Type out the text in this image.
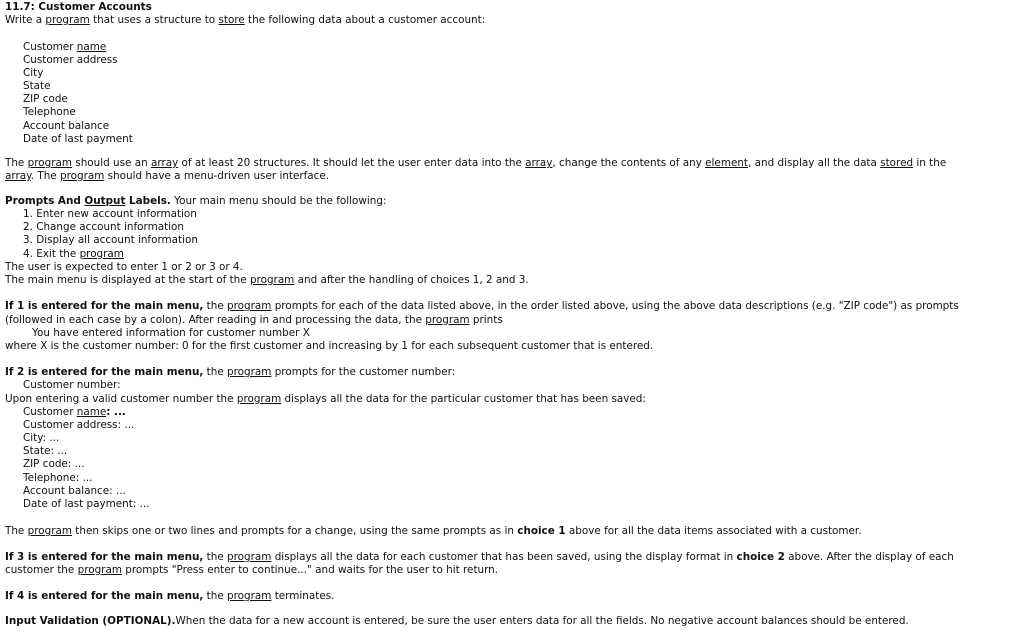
11.7: Customer Accounts
Write a program that uses a structure to store the following data about a customer account:
Customer name
Customer address
City
State
ZIP code
Telephone
Account balance
Date of last payment
The program should use an array of at least 20 structures. It should let the user enter data into the array, change the contents of any element, and display all the data stored in the
array. The program should have a menu-driven user interface.
Prompts And Output Labels. Your main menu should be the following:
1. Enter new account information
2. Change account information
3. Display all account information
4. Exit the program
The user is expected to enter 1 or 2 or 3 or 4.
The main menu is displayed at the start of the program and after the handling of choices 1, 2 and 3.
If 1 is entered for the main menu, the program prompts for each of the data listed above, in the order listed above, using the above data descriptions (e.g. "ZIP code") as prompts
(followed in each case by a colon). After reading in and processing the data, the program prints
You have entered information for customer number X
where X is the customer number: 0 for the first customer and increasing by 1 for each subsequent customer that is entered.
If 2 is entered for the main menu, the program prompts for the customer number:
Customer number:
Upon entering a valid customer number the program displays all the data for the particular customer that has been saved:
Customer name: ...
Customer address: ...
City: ...
State: ...
ZIP code: ...
Telephone: ...
Account balance: ...
Date of last payment: ...
The program then skips one or two lines and prompts for a change, using the same prompts as in choice 1 above for all the data items associated with a customer.
If 3 is entered for the main menu, the program displays all the data for each customer that has been saved, using the display format in choice 2 above. After the display of each
customer the program prompts "Press enter to continue..." and waits for the user to hit return.
If 4 is entered for the main menu, the program terminates.
Input Validation (OPTIONAL).When the data for a new account is entered, be sure the user enters data for all the fields. No negative account balances should be entered.
